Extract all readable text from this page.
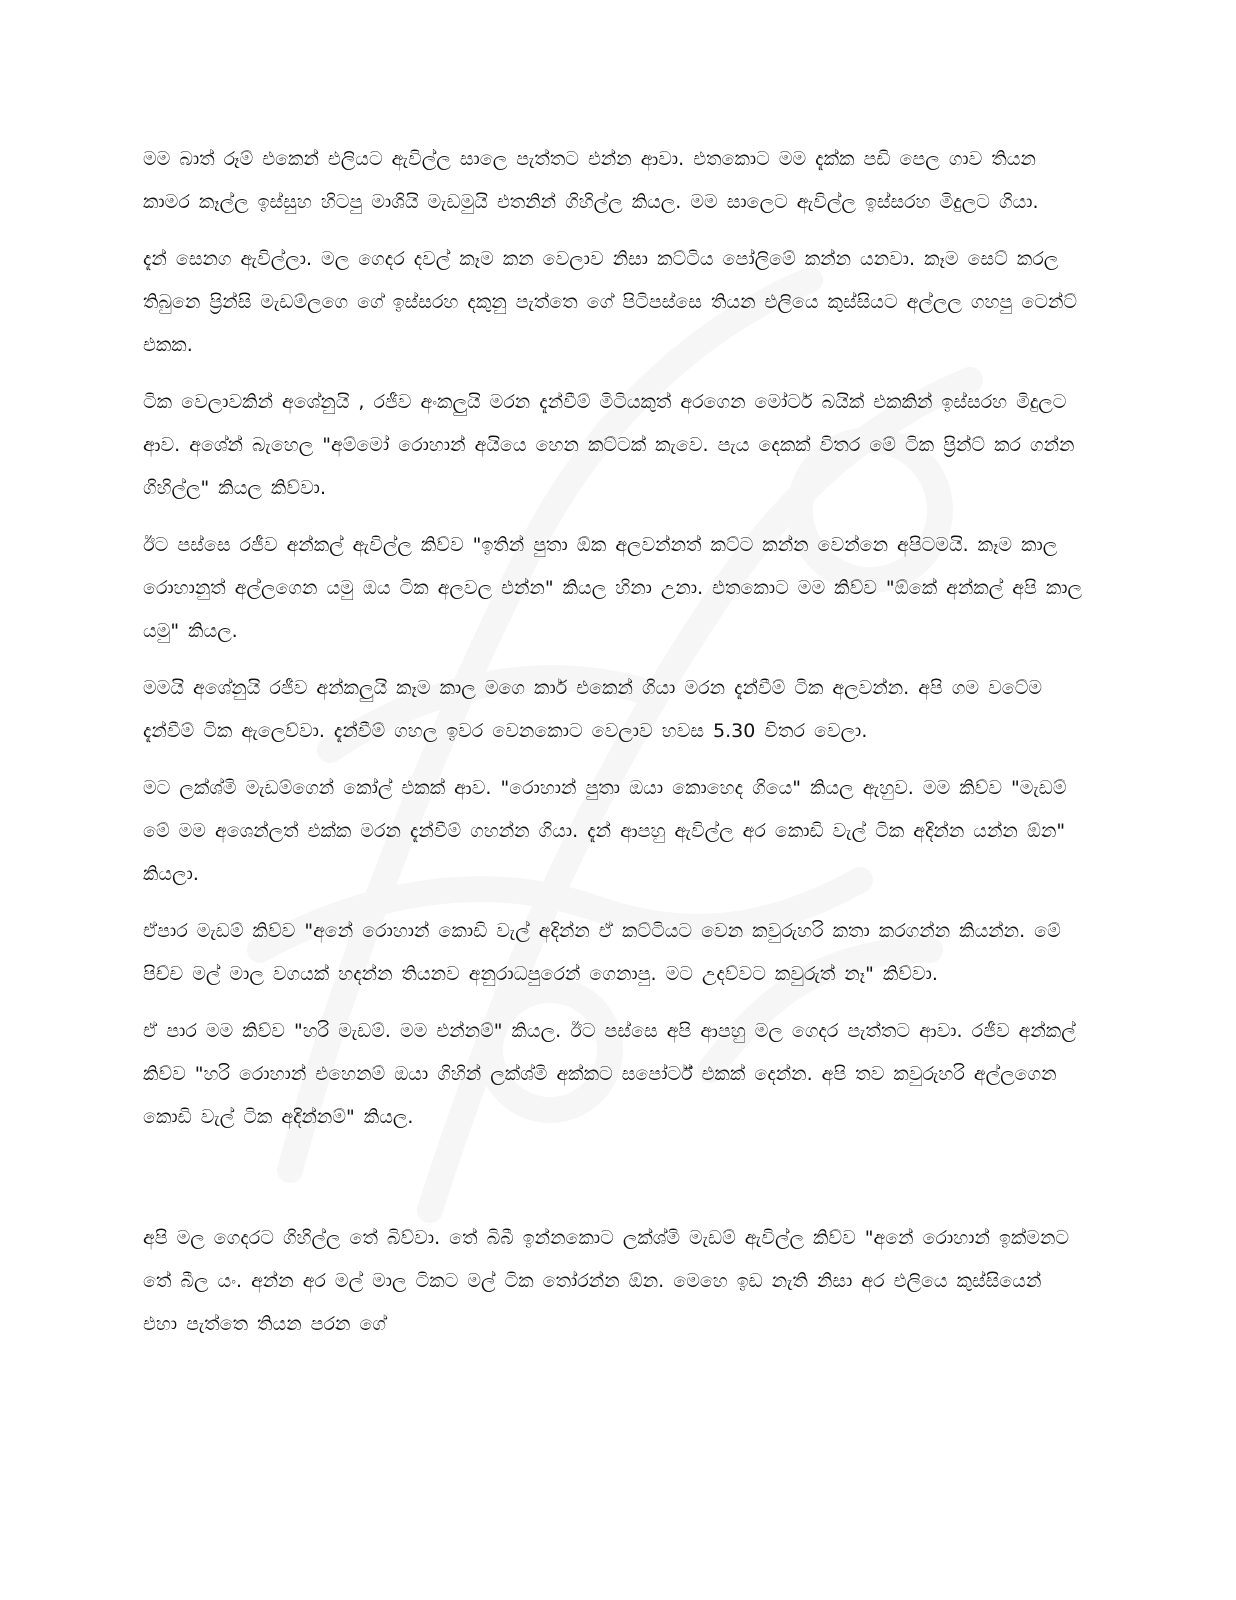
මම බාත් රූම් එකෙන් එලියට ඇවිල්ල සාලෙ පැත්තට එන්න ආවා. එතකොට මම දැක්ක පඩි පෙල ගාව තියන කාමර කෑල්ල ඉස්සුහ හිටපු මාශියි මැඩමුයි එතනින් ගිහිල්ල කියල. මම සාලෙට ඇවිල්ල ඉස්සරහ මිදුලට ගියා.

දැන් සෙනග ඇවිල්ලා. මල ගෙදර දවල් කෑම කන වෙලාව නිසා කට්ටිය පෝලිමේ කන්න යනවා. කෑම සෙට් කරල තිබුනෙ ප්‍රින්සි මැඩම්ලගෙ ගේ ඉස්සරහ දකුනු පැත්තෙ ගේ පිටිපස්සෙ තියන එලියෙ කුස්සියට අල්ලල ගහපු ටෙන්ට් එකක.

ටික වෙලාවකින් අශේනුයි , රජීව අංකලුයි මරන දැන්වීම් මිටියකුත් අරගෙන මෝටර් බයික් එකකින් ඉස්සරහ මිදුලට ආව. අශේන් බැහෙල "අම්මෝ රොහාන් අයියෙ හෙන කට්ටක් කැවෙ. පැය දෙකක් විතර මේ ටික ප්‍රින්ට් කර ගන්න ගිහිල්ල" කියල කිව්වා.

ඊට පස්සෙ රජීව අන්කල් ඇවිල්ල කිව්ව "ඉතින් පුතා ඕක අලවන්නත් කට්ට කන්න වෙන්නෙ අපිටමයි. කෑම කාල රොහානුත් අල්ලගෙන යමු ඔය ටික අලවල එන්න" කියල හිනා උනා. එතකොට මම කිව්ව "ඕකේ අන්කල් අපි කාල යමු" කියල.

මමයි අශේනුයි රජීව අන්කලුයි කෑම කාල මගෙ කාර් එකෙන් ගියා මරන දැන්වීම් ටික අලවන්න. අපි ගම වටේම දැන්වීම් ටික ඇලෙව්වා. දැන්වීම් ගහල ඉවර වෙනකොට වෙලාව හවස 5.30 විතර වෙලා.

මට ලක්ශ්මි මැඩම්ගෙන් කෝල් එකක් ආව. "රොහාන් පුතා ඔයා කොහෙද ගියෙ" කියල ඇහුව. මම කිව්ව "මැඩම් මේ මම අශෙන්ලත් එක්ක මරන දැන්වීම් ගහන්න ගියා. දැන් ආපහු ඇවිල්ල අර කොඩි වැල් ටික අදින්න යන්න ඕන" කියලා.

ඒපාර මැඩම් කිව්ව "අනේ රොහාන් කොඩි වැල් අදින්න ඒ කට්ටියට වෙන කවුරුහරි කතා කරගන්න කියන්න. මේ පිච්ච මල් මාල වගයක් හදන්න තියනව අනුරාධපුරෙන් ගෙනාපු. මට උදව්වට කවුරුත් නෑ" කිව්වා.

ඒ පාර මම කිව්ව "හරි මැඩම්. මම එන්නම්" කියල. ඊට පස්සෙ අපි ආපහු මල ගෙදර පැත්තට ආවා. රජීව අන්කල් කිව්ව "හරි රොහාන් එහෙනම් ඔයා ගිහින් ලක්ශ්මි අක්කට සපෝර්ට් එකක් දෙන්න. අපි තව කවුරුහරි අල්ලගෙන කොඩි වැල් ටික අදින්නම්" කියල.

අපි මල ගෙදරට ගිහිල්ල තේ බිව්වා. තේ බිබී ඉන්නකොට ලක්ශ්මි මැඩම් ඇවිල්ල කිව්ව "අනේ රොහාන් ඉක්මනට තේ බීල යං. අන්න අර මල් මාල ටිකට මල් ටික තෝරන්න ඕන. මෙහෙ ඉඩ නැති නිසා අර එලියෙ කුස්සියෙන් එහා පැත්තෙ තියන පරන ගේ
